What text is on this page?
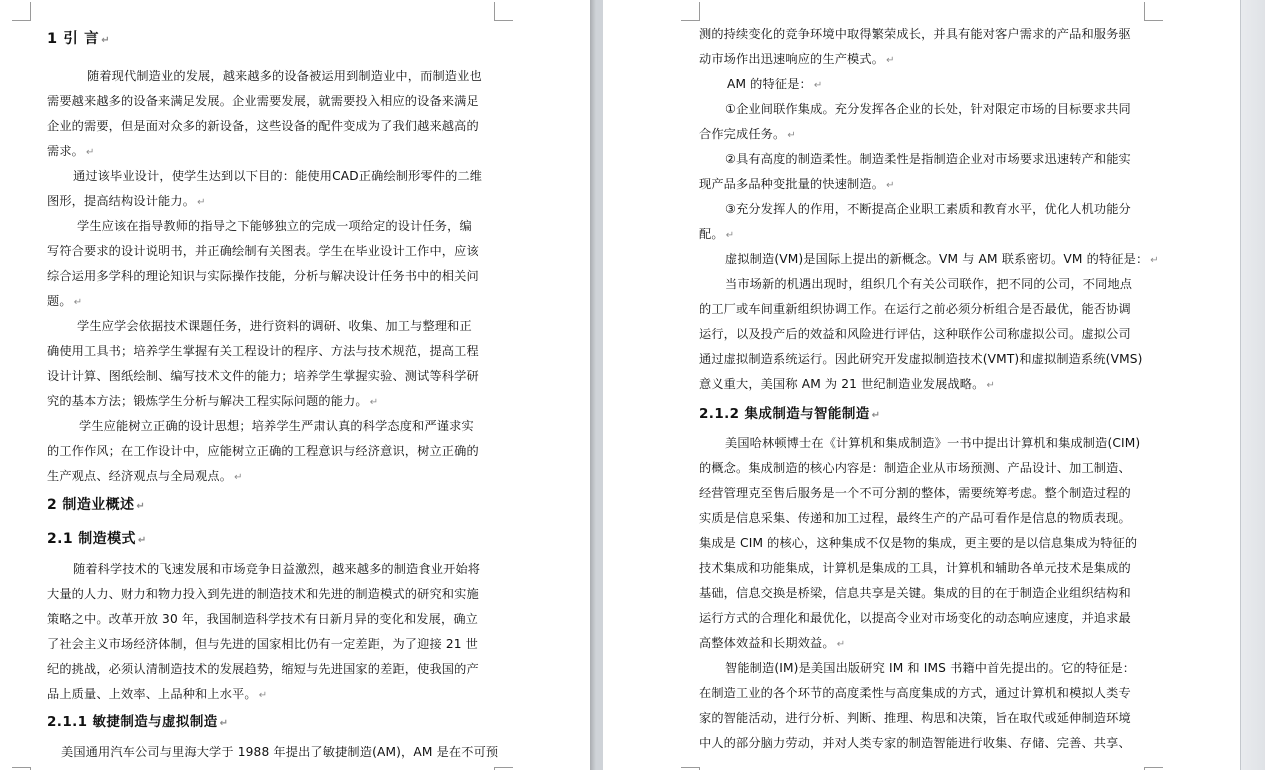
1 引 言 ↵
随着现代制造业的发展，越来越多的设备被运用到制造业中，而制造业也
需要越来越多的设备来满足发展。企业需要发展，就需要投入相应的设备来满足
企业的需要，但是面对众多的新设备，这些设备的配件变成为了我们越来越高的
需求。 ↵
通过该毕业设计，使学生达到以下目的：能使用CAD正确绘制形零件的二维
图形，提高结构设计能力。 ↵
学生应该在指导教师的指导之下能够独立的完成一项给定的设计任务，编
写符合要求的设计说明书，并正确绘制有关图表。学生在毕业设计工作中，应该
综合运用多学科的理论知识与实际操作技能，分析与解决设计任务书中的相关问
题。 ↵
学生应学会依据技术课题任务，进行资料的调研、收集、加工与整理和正
确使用工具书；培养学生掌握有关工程设计的程序、方法与技术规范，提高工程
设计计算、图纸绘制、编写技术文件的能力；培养学生掌握实验、测试等科学研
究的基本方法；锻炼学生分析与解决工程实际问题的能力。 ↵
学生应能树立正确的设计思想；培养学生严肃认真的科学态度和严谨求实
的工作作风；在工作设计中，应能树立正确的工程意识与经济意识，树立正确的
生产观点、经济观点与全局观点。 ↵
2 制造业概述 ↵
2.1 制造模式 ↵
随着科学技术的飞速发展和市场竞争日益激烈，越来越多的制造食业开始将
大量的人力、财力和物力投入到先进的制造技术和先进的制造模式的研究和实施
策略之中。改革开放 30 年，我国制造科学技术有日新月异的变化和发展，确立
了社会主义市场经济体制，但与先进的国家相比仍有一定差距，为了迎接 21 世
纪的挑战，必须认清制造技术的发展趋势，缩短与先进国家的差距，使我国的产
品上质量、上效率、上品种和上水平。 ↵
2.1.1 敏捷制造与虚拟制造 ↵
美国通用汽车公司与里海大学于 1988 年提出了敏捷制造(AM)，AM 是在不可预
测的持续变化的竞争环境中取得繁荣成长，并具有能对客户需求的产品和服务驱
动市场作出迅速响应的生产模式。 ↵
AM 的特征是： ↵
①企业间联作集成。充分发挥各企业的长处，针对限定市场的目标要求共同
合作完成任务。 ↵
②具有高度的制造柔性。制造柔性是指制造企业对市场要求迅速转产和能实
现产品多品种变批量的快速制造。 ↵
③充分发挥人的作用，不断提高企业职工素质和教育水平，优化人机功能分
配。 ↵
虚拟制造(VM)是国际上提出的新概念。VM 与 AM 联系密切。VM 的特征是： ↵
当市场新的机遇出现时，组织几个有关公司联作，把不同的公司，不同地点
的工厂或车间重新组织协调工作。在运行之前必须分析组合是否最优，能否协调
运行，以及投产后的效益和风险进行评估，这种联作公司称虚拟公司。虚拟公司
通过虚拟制造系统运行。因此研究开发虚拟制造技术(VMT)和虚拟制造系统(VMS)
意义重大，美国称 AM 为 21 世纪制造业发展战略。 ↵
2.1.2 集成制造与智能制造 ↵
美国哈林顿博士在《计算机和集成制造》一书中提出计算机和集成制造(CIM)
的概念。集成制造的核心内容是：制造企业从市场预测、产品设计、加工制造、
经营管理克至售后服务是一个不可分割的整体，需要统筹考虑。整个制造过程的
实质是信息采集、传递和加工过程，最终生产的产品可看作是信息的物质表现。
集成是 CIM 的核心，这种集成不仅是物的集成，更主要的是以信息集成为特征的
技术集成和功能集成，计算机是集成的工具，计算机和辅助各单元技术是集成的
基础，信息交换是桥梁，信息共享是关键。集成的目的在于制造企业组织结构和
运行方式的合理化和最优化，以提高令业对市场变化的动态响应速度，并追求最
高整体效益和长期效益。 ↵
智能制造(IM)是美国出版研究 IM 和 IMS 书籍中首先提出的。它的特征是：
在制造工业的各个环节的高度柔性与高度集成的方式，通过计算机和模拟人类专
家的智能活动，进行分析、判断、推理、构思和决策，旨在取代或延伸制造环境
中人的部分脑力劳动，并对人类专家的制造智能进行收集、存储、完善、共享、
